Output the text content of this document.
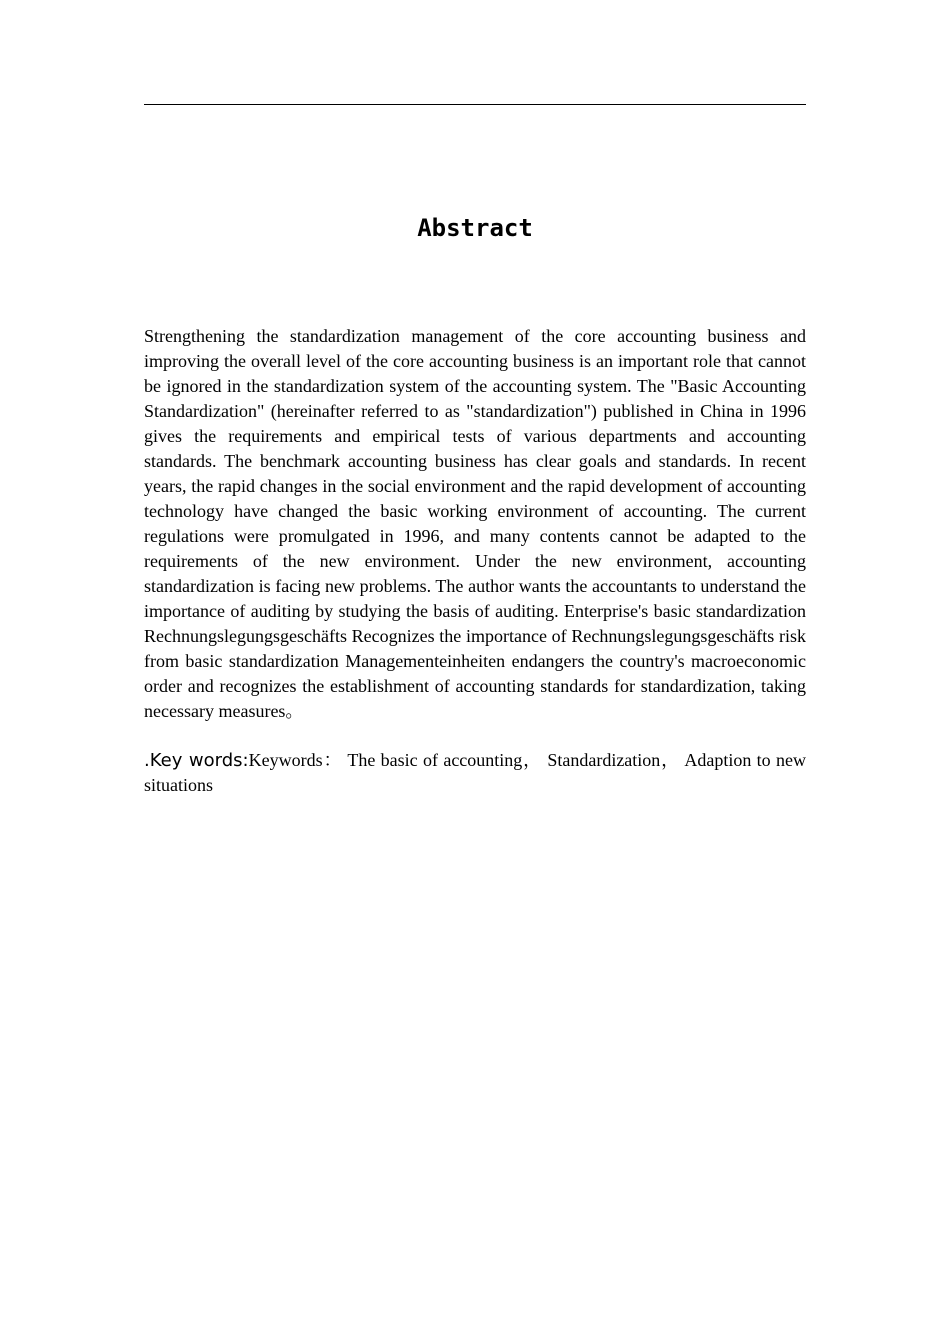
Abstract

Strengthening the standardization management of the core accounting business and improving the overall level of the core accounting business is an important role that cannot be ignored in the standardization system of the accounting system. The "Basic Accounting Standardization" (hereinafter referred to as "standardization") published in China in 1996 gives the requirements and empirical tests of various departments and accounting standards. The benchmark accounting business has clear goals and standards. In recent years, the rapid changes in the social environment and the rapid development of accounting technology have changed the basic working environment of accounting. The current regulations were promulgated in 1996, and many contents cannot be adapted to the requirements of the new environment. Under the new environment, accounting standardization is facing new problems. The author wants the accountants to understand the importance of auditing by studying the basis of auditing. Enterprise's basic standardization Rechnungslegungsgeschäfts Recognizes the importance of Rechnungslegungsgeschäfts risk from basic standardization Managementeinheiten endangers the country's macroeconomic order and recognizes the establishment of accounting standards for standardization, taking necessary measures。

.Key words:Keywords： The basic of accounting， Standardization， Adaption to new situations
